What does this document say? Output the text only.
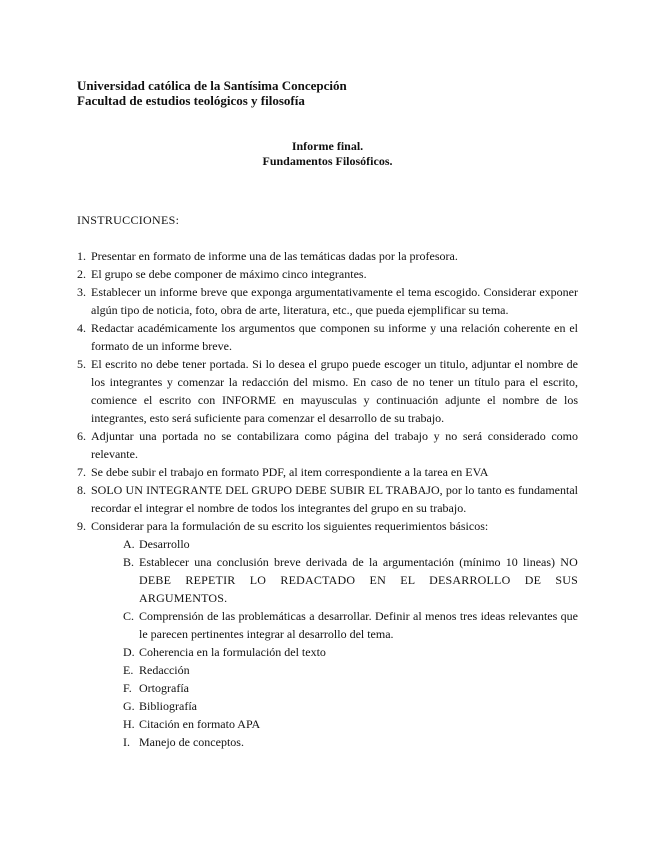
Universidad católica de la Santísima Concepción
Facultad de estudios teológicos y filosofía
Informe final.
Fundamentos Filosóficos.
INSTRUCCIONES:
1. Presentar en formato de informe una de las temáticas dadas por la profesora.
2. El grupo se debe componer de máximo cinco integrantes.
3. Establecer un informe breve que exponga argumentativamente el tema escogido. Considerar exponer algún tipo de noticia, foto, obra de arte, literatura, etc., que pueda ejemplificar su tema.
4. Redactar académicamente los argumentos que componen su informe y una relación coherente en el formato de un informe breve.
5. El escrito no debe tener portada. Si lo desea el grupo puede escoger un titulo, adjuntar el nombre de los integrantes y comenzar la redacción del mismo. En caso de no tener un título para el escrito, comience el escrito con INFORME en mayusculas y continuación adjunte el nombre de los integrantes, esto será suficiente para comenzar el desarrollo de su trabajo.
6. Adjuntar una portada no se contabilizara como página del trabajo y no será considerado como relevante.
7. Se debe subir el trabajo en formato PDF, al item correspondiente a la tarea en EVA
8. SOLO UN INTEGRANTE DEL GRUPO DEBE SUBIR EL TRABAJO, por lo tanto es fundamental recordar el integrar el nombre de todos los integrantes del grupo en su trabajo.
9. Considerar para la formulación de su escrito los siguientes requerimientos básicos:
A. Desarrollo
B. Establecer una conclusión breve derivada de la argumentación (mínimo 10 lineas) NO DEBE REPETIR LO REDACTADO EN EL DESARROLLO DE SUS ARGUMENTOS.
C. Comprensión de las problemáticas a desarrollar. Definir al menos tres ideas relevantes que le parecen pertinentes integrar al desarrollo del tema.
D. Coherencia en la formulación del texto
E. Redacción
F. Ortografía
G. Bibliografía
H. Citación en formato APA
I. Manejo de conceptos.
